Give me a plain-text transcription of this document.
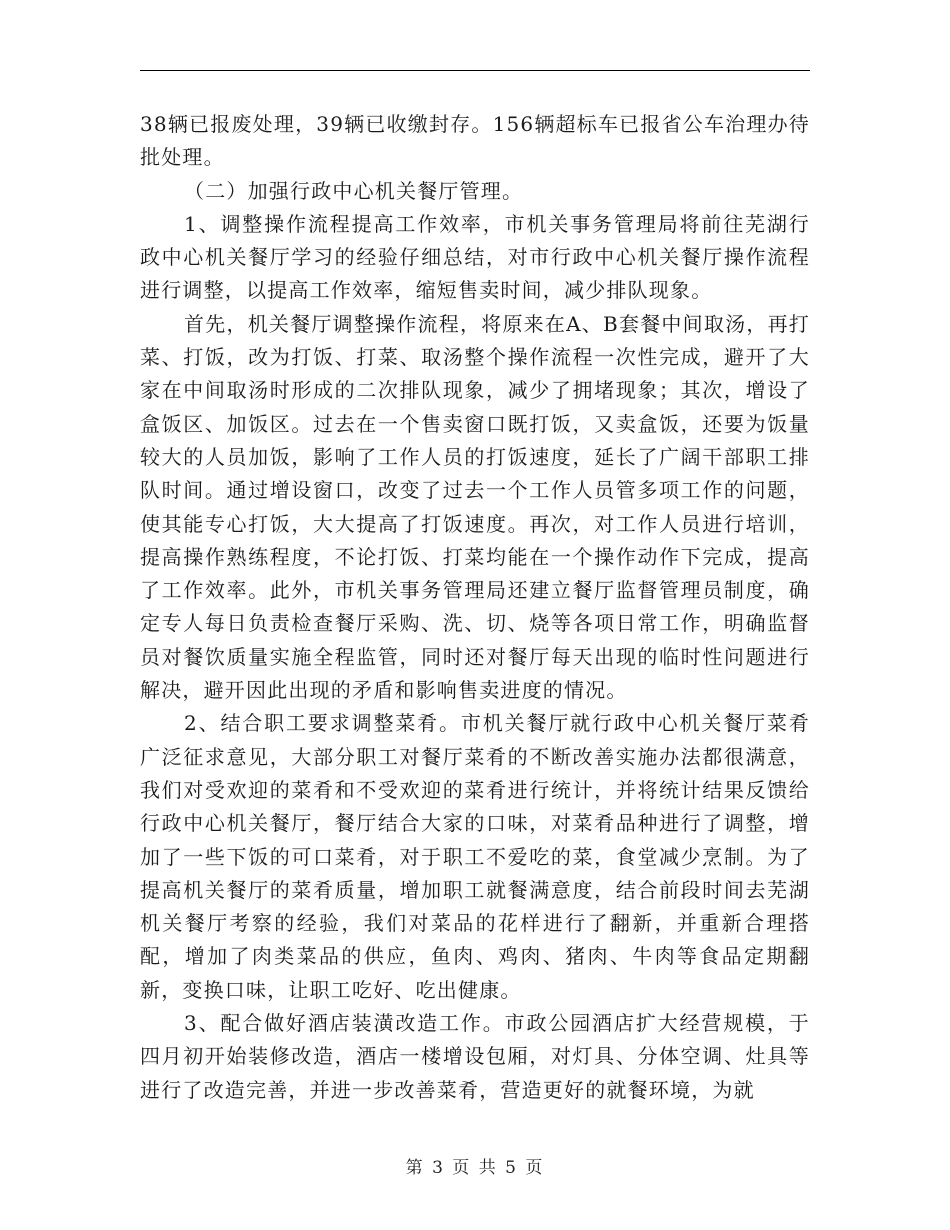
38辆已报废处理，39辆已收缴封存。156辆超标车已报省公车治理办待批处理。

（二）加强行政中心机关餐厅管理。

1、调整操作流程提高工作效率，市机关事务管理局将前往芜湖行政中心机关餐厅学习的经验仔细总结，对市行政中心机关餐厅操作流程进行调整，以提高工作效率，缩短售卖时间，减少排队现象。

首先，机关餐厅调整操作流程，将原来在A、B套餐中间取汤，再打菜、打饭，改为打饭、打菜、取汤整个操作流程一次性完成，避开了大家在中间取汤时形成的二次排队现象，减少了拥堵现象；其次，增设了盒饭区、加饭区。过去在一个售卖窗口既打饭，又卖盒饭，还要为饭量较大的人员加饭，影响了工作人员的打饭速度，延长了广阔干部职工排队时间。通过增设窗口，改变了过去一个工作人员管多项工作的问题，使其能专心打饭，大大提高了打饭速度。再次，对工作人员进行培训，提高操作熟练程度，不论打饭、打菜均能在一个操作动作下完成，提高了工作效率。此外，市机关事务管理局还建立餐厅监督管理员制度，确定专人每日负责检查餐厅采购、洗、切、烧等各项日常工作，明确监督员对餐饮质量实施全程监管，同时还对餐厅每天出现的临时性问题进行解决，避开因此出现的矛盾和影响售卖进度的情况。

2、结合职工要求调整菜肴。市机关餐厅就行政中心机关餐厅菜肴广泛征求意见，大部分职工对餐厅菜肴的不断改善实施办法都很满意，我们对受欢迎的菜肴和不受欢迎的菜肴进行统计，并将统计结果反馈给行政中心机关餐厅，餐厅结合大家的口味，对菜肴品种进行了调整，增加了一些下饭的可口菜肴，对于职工不爱吃的菜，食堂减少烹制。为了提高机关餐厅的菜肴质量，增加职工就餐满意度，结合前段时间去芜湖机关餐厅考察的经验，我们对菜品的花样进行了翻新，并重新合理搭配，增加了肉类菜品的供应，鱼肉、鸡肉、猪肉、牛肉等食品定期翻新，变换口味，让职工吃好、吃出健康。

3、配合做好酒店装潢改造工作。市政公园酒店扩大经营规模，于四月初开始装修改造，酒店一楼增设包厢，对灯具、分体空调、灶具等进行了改造完善，并进一步改善菜肴，营造更好的就餐环境，为就

第 3 页 共 5 页
